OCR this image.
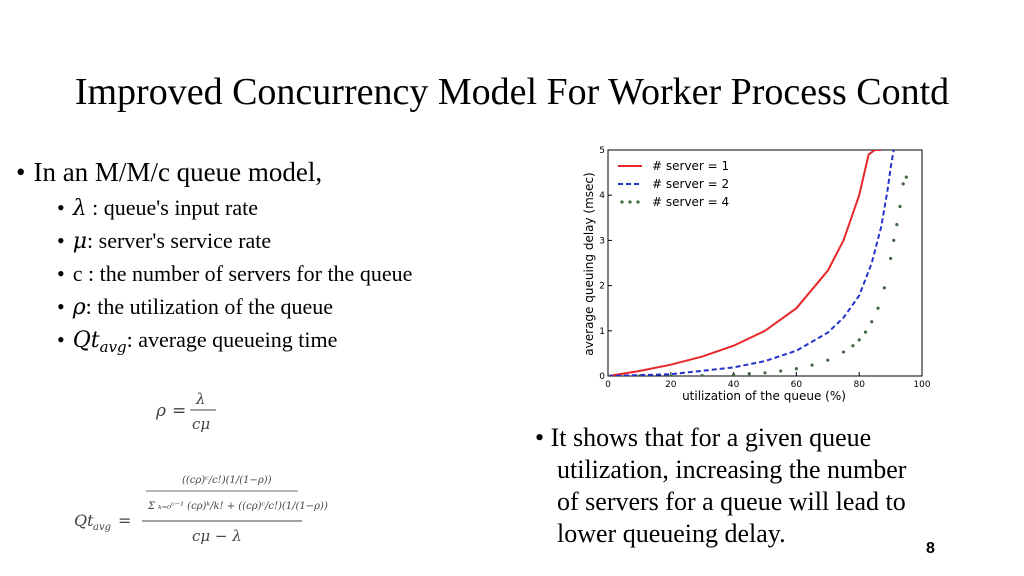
Improved Concurrency Model For Worker Process Contd
• In an M/M/c queue model,
• λ : queue's input rate
• μ: server's service rate
• c : the number of servers for the queue
• ρ: the utilization of the queue
• $Qt_{avg}$: average queueing time
ρ =
λ
cμ
Qt avg =
((cρ)ᶜ/c!)(1/(1−ρ))
Σ ₖ₌₀ᶜ⁻¹ (cρ)ᵏ/k! + ((cρ)ᶜ/c!)(1/(1−ρ))
cμ − λ
0	20	40	60	80	100
0
1
2
3
4
5
# server = 1
# server = 2
# server = 4
utilization of the queue (%)
average queuing delay (msec)
• It shows that for a given queue
utilization, increasing the number
of servers for a queue will lead to
lower queueing delay.
8
